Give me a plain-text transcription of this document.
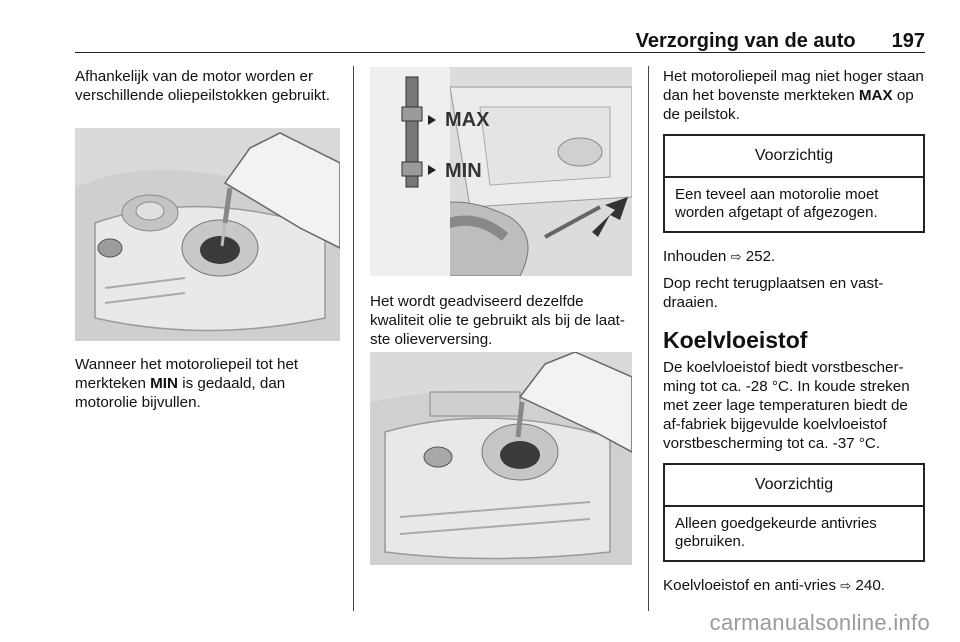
Verzorging van de auto 197

Afhankelijk van de motor worden er verschillende oliepeilstokken gebruikt.

Wanneer het motoroliepeil tot het merkteken MIN is gedaald, dan motorolie bijvullen.

MAX
MIN

Het wordt geadviseerd dezelfde kwaliteit olie te gebruikt als bij de laatste olieverversing.

Het motoroliepeil mag niet hoger staan dan het bovenste merkteken MAX op de peilstok.

Voorzichtig
Een teveel aan motorolie moet worden afgetapt of afgezogen.

Inhouden ⇨ 252.

Dop recht terugplaatsen en vastdraaien.

Koelvloeistof

De koelvloeistof biedt vorstbescherming tot ca. -28 °C. In koude streken met zeer lage temperaturen biedt de af-fabriek bijgevulde koelvloeistof vorstbescherming tot ca. -37 °C.

Voorzichtig
Alleen goedgekeurde antivries gebruiken.

Koelvloeistof en anti-vries ⇨ 240.

carmanualsonline.info
